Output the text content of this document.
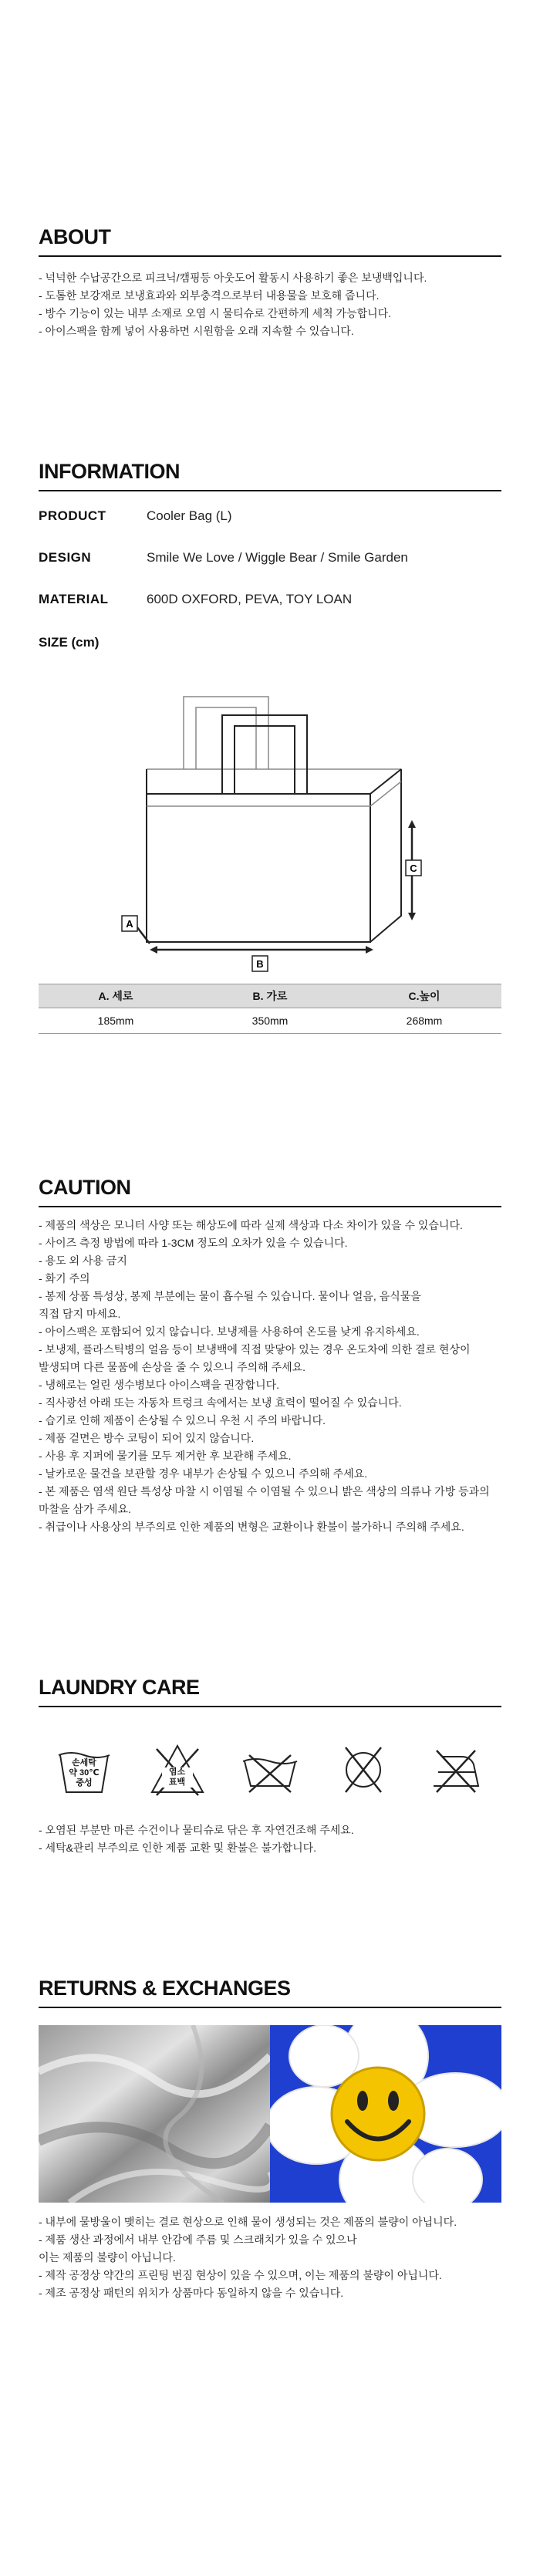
ABOUT
- 넉넉한 수납공간으로 피크닉/캠핑등 아웃도어 활동시 사용하기 좋은 보냉백입니다.
- 도톰한 보강재로 보냉효과와 외부충격으로부터 내용물을 보호해 줍니다.
- 방수 기능이 있는 내부 소재로 오염 시 물티슈로 간편하게 세척 가능합니다.
- 아이스팩을 함께 넣어 사용하면 시원함을 오래 지속할 수 있습니다.
INFORMATION
PRODUCT	Cooler Bag (L)
DESIGN	Smile We Love / Wiggle Bear / Smile Garden
MATERIAL	600D OXFORD, PEVA, TOY LOAN
SIZE (cm)
C
B
A
A. 세로	B. 가로	C.높이
185mm	350mm	268mm
CAUTION
- 제품의 색상은 모니터 사양 또는 해상도에 따라 실제 색상과 다소 차이가 있을 수 있습니다.
- 사이즈 측정 방법에 따라 1-3CM 정도의 오차가 있을 수 있습니다.
- 용도 외 사용 금지
- 화기 주의
- 봉제 상품 특성상, 봉제 부분에는 물이 흡수될 수 있습니다. 물이나 얼음, 음식물을
직접 담지 마세요.
- 아이스팩은 포함되어 있지 않습니다. 보냉제를 사용하여 온도를 낮게 유지하세요.
- 보냉제, 플라스틱병의 얼음 등이 보냉백에 직접 맞닿아 있는 경우 온도차에 의한 결로 현상이
발생되며 다른 물품에 손상을 줄 수 있으니 주의해 주세요.
- 냉해로는 얼린 생수병보다 아이스팩을 권장합니다.
- 직사광선 아래 또는 자동차 트렁크 속에서는 보냉 효력이 떨어질 수 있습니다.
- 습기로 인해 제품이 손상될 수 있으니 우천 시 주의 바랍니다.
- 제품 겉면은 방수 코팅이 되어 있지 않습니다.
- 사용 후 지퍼에 물기를 모두 제거한 후 보관해 주세요.
- 날카로운 물건을 보관할 경우 내부가 손상될 수 있으니 주의해 주세요.
- 본 제품은 염색 원단 특성상 마찰 시 이염될 수 이염될 수 있으니 밝은 색상의 의류나 가방 등과의
마찰을 삼가 주세요.
- 취급이나 사용상의 부주의로 인한 제품의 변형은 교환이나 환불이 불가하니 주의해 주세요.
LAUNDRY CARE
손세탁
약 30℃
중성
염소
표백
- 오염된 부분만 마른 수건이나 물티슈로 닦은 후 자연건조해 주세요.
- 세탁&관리 부주의로 인한 제품 교환 및 환불은 불가합니다.
RETURNS & EXCHANGES
- 내부에 물방울이 맺히는 결로 현상으로 인해 물이 생성되는 것은 제품의 불량이 아닙니다.
- 제품 생산 과정에서 내부 안감에 주름 및 스크래치가 있을 수 있으나
이는 제품의 불량이 아닙니다.
- 제작 공정상 약간의 프린팅 번짐 현상이 있을 수 있으며, 이는 제품의 불량이 아닙니다.
- 제조 공정상 패턴의 위치가 상품마다 동일하지 않을 수 있습니다.
